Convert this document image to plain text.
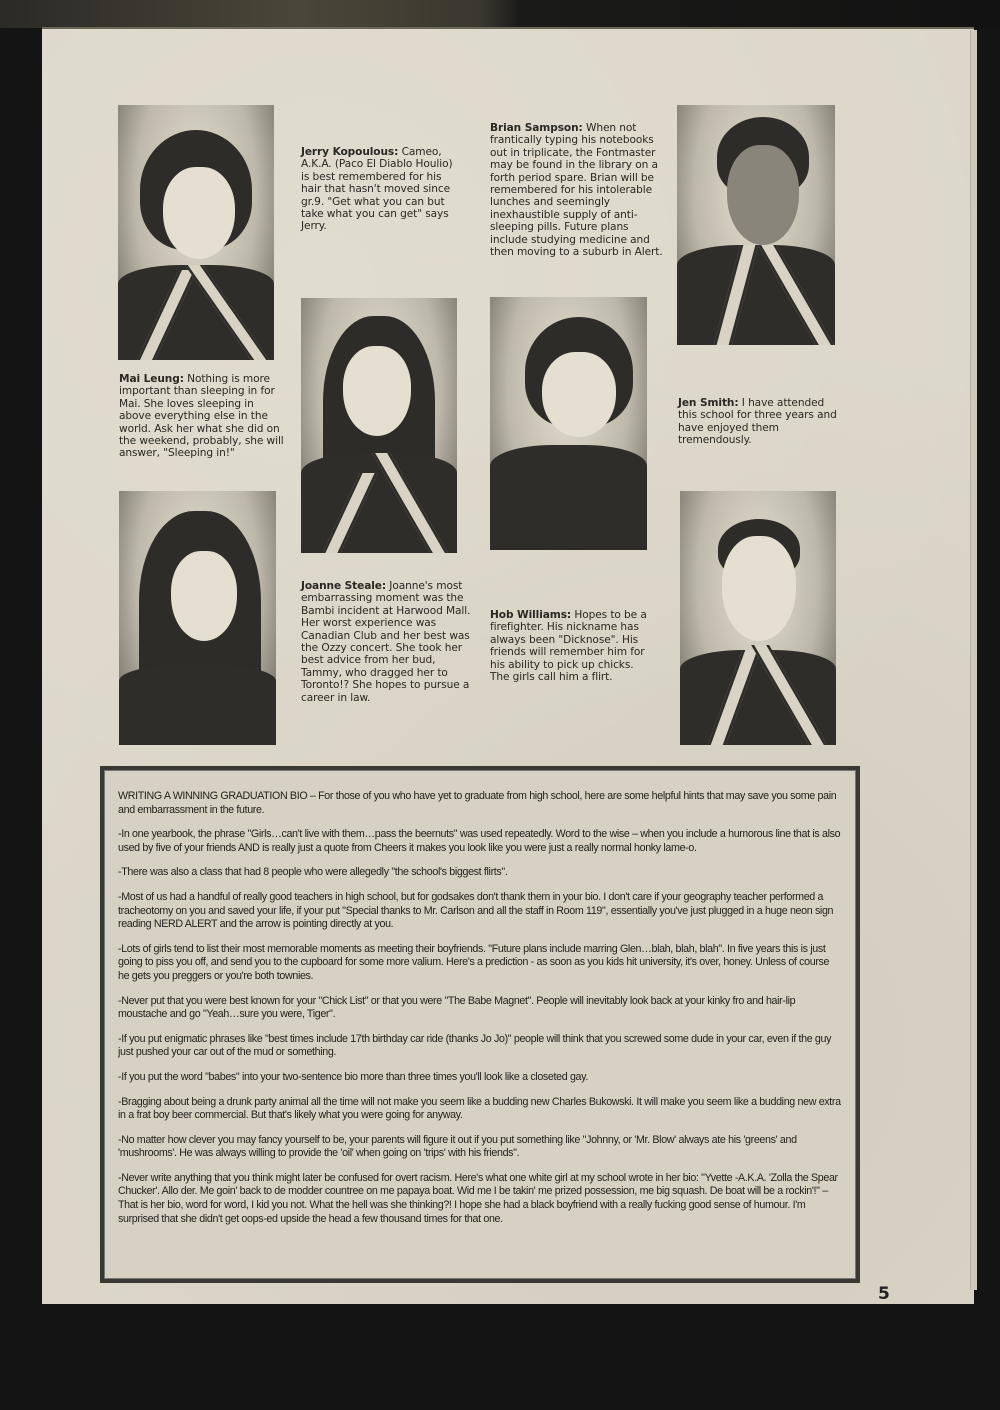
Jerry Kopoulous: Cameo, A.K.A. (Paco El Diablo Houlio) is best remembered for his hair that hasn't moved since gr.9. "Get what you can but take what you can get" says Jerry.
Brian Sampson: When not frantically typing his notebooks out in triplicate, the Fontmaster may be found in the library on a forth period spare. Brian will be remembered for his intolerable lunches and seemingly inexhaustible supply of anti-sleeping pills. Future plans include studying medicine and then moving to a suburb in Alert.
Mai Leung: Nothing is more important than sleeping in for Mai. She loves sleeping in above everything else in the world. Ask her what she did on the weekend, probably, she will answer, "Sleeping in!"
Jen Smith: I have attended this school for three years and have enjoyed them tremendously.
Joanne Steale: Joanne's most embarrassing moment was the Bambi incident at Harwood Mall. Her worst experience was Canadian Club and her best was the Ozzy concert. She took her best advice from her bud, Tammy, who dragged her to Toronto!? She hopes to pursue a career in law.
Hob Williams: Hopes to be a firefighter. His nickname has always been "Dicknose". His friends will remember him for his ability to pick up chicks. The girls call him a flirt.

WRITING A WINNING GRADUATION BIO – For those of you who have yet to graduate from high school, here are some helpful hints that may save you some pain and embarrassment in the future.

-In one yearbook, the phrase "Girls…can't live with them…pass the beernuts" was used repeatedly. Word to the wise – when you include a humorous line that is also used by five of your friends AND is really just a quote from Cheers it makes you look like you were just a really normal honky lame-o.

-There was also a class that had 8 people who were allegedly "the school's biggest flirts".

-Most of us had a handful of really good teachers in high school, but for godsakes don't thank them in your bio. I don't care if your geography teacher performed a tracheotomy on you and saved your life, if your put "Special thanks to Mr. Carlson and all the staff in Room 119", essentially you've just plugged in a huge neon sign reading NERD ALERT and the arrow is pointing directly at you.

-Lots of girls tend to list their most memorable moments as meeting their boyfriends. "Future plans include marring Glen…blah, blah, blah". In five years this is just going to piss you off, and send you to the cupboard for some more valium. Here's a prediction - as soon as you kids hit university, it's over, honey. Unless of course he gets you preggers or you're both townies.

-Never put that you were best known for your "Chick List" or that you were "The Babe Magnet". People will inevitably look back at your kinky fro and hair-lip moustache and go "Yeah…sure you were, Tiger".

-If you put enigmatic phrases like "best times include 17th birthday car ride (thanks Jo Jo)" people will think that you screwed some dude in your car, even if the guy just pushed your car out of the mud or something.

-If you put the word "babes" into your two-sentence bio more than three times you'll look like a closeted gay.

-Bragging about being a drunk party animal all the time will not make you seem like a budding new Charles Bukowski. It will make you seem like a budding new extra in a frat boy beer commercial. But that's likely what you were going for anyway.

-No matter how clever you may fancy yourself to be, your parents will figure it out if you put something like "Johnny, or 'Mr. Blow' always ate his 'greens' and 'mushrooms'. He was always willing to provide the 'oil' when going on 'trips' with his friends".

-Never write anything that you think might later be confused for overt racism. Here's what one white girl at my school wrote in her bio: "Yvette -A.K.A. 'Zolla the Spear Chucker'. Allo der. Me goin' back to de modder countree on me papaya boat. Wid me I be takin' me prized possession, me big squash. De boat will be a rockin'!" – That is her bio, word for word, I kid you not. What the hell was she thinking?! I hope she had a black boyfriend with a really fucking good sense of humour. I'm surprised that she didn't get oops-ed upside the head a few thousand times for that one.

5
